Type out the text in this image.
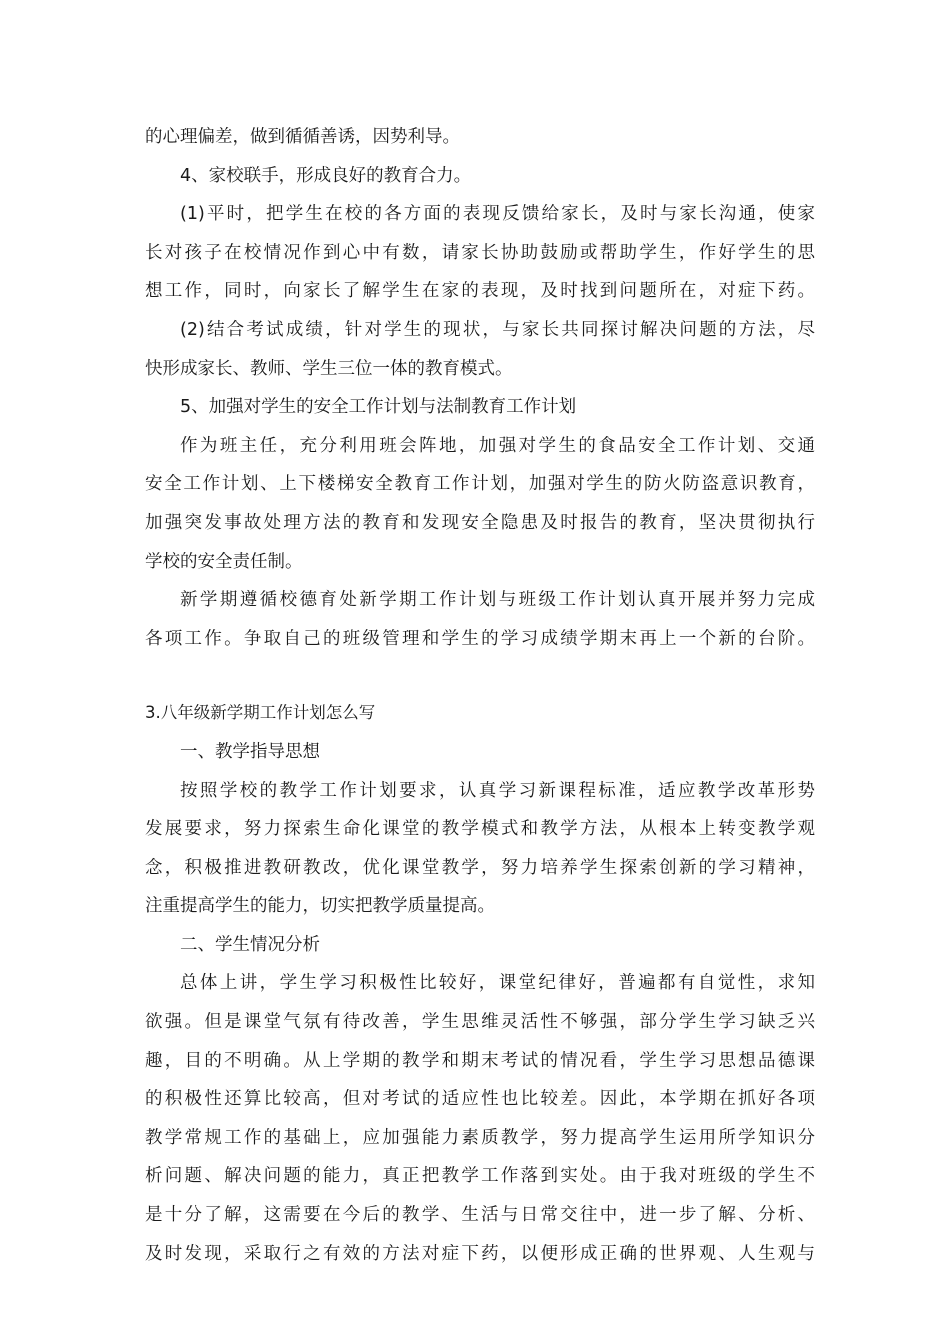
的心理偏差，做到循循善诱，因势利导。
4、家校联手，形成良好的教育合力。
(1)平时，把学生在校的各方面的表现反馈给家长，及时与家长沟通，使家
长对孩子在校情况作到心中有数，请家长协助鼓励或帮助学生，作好学生的思
想工作，同时，向家长了解学生在家的表现，及时找到问题所在，对症下药。
(2)结合考试成绩，针对学生的现状，与家长共同探讨解决问题的方法，尽
快形成家长、教师、学生三位一体的教育模式。
5、加强对学生的安全工作计划与法制教育工作计划
作为班主任，充分利用班会阵地，加强对学生的食品安全工作计划、交通
安全工作计划、上下楼梯安全教育工作计划，加强对学生的防火防盗意识教育，
加强突发事故处理方法的教育和发现安全隐患及时报告的教育，坚决贯彻执行
学校的安全责任制。
新学期遵循校德育处新学期工作计划与班级工作计划认真开展并努力完成
各项工作。争取自己的班级管理和学生的学习成绩学期末再上一个新的台阶。
3.八年级新学期工作计划怎么写
一、教学指导思想
按照学校的教学工作计划要求，认真学习新课程标准，适应教学改革形势
发展要求，努力探索生命化课堂的教学模式和教学方法，从根本上转变教学观
念，积极推进教研教改，优化课堂教学，努力培养学生探索创新的学习精神，
注重提高学生的能力，切实把教学质量提高。
二、学生情况分析
总体上讲，学生学习积极性比较好，课堂纪律好，普遍都有自觉性，求知
欲强。但是课堂气氛有待改善，学生思维灵活性不够强，部分学生学习缺乏兴
趣，目的不明确。从上学期的教学和期末考试的情况看，学生学习思想品德课
的积极性还算比较高，但对考试的适应性也比较差。因此，本学期在抓好各项
教学常规工作的基础上，应加强能力素质教学，努力提高学生运用所学知识分
析问题、解决问题的能力，真正把教学工作落到实处。由于我对班级的学生不
是十分了解，这需要在今后的教学、生活与日常交往中，进一步了解、分析、
及时发现，采取行之有效的方法对症下药，以便形成正确的世界观、人生观与
